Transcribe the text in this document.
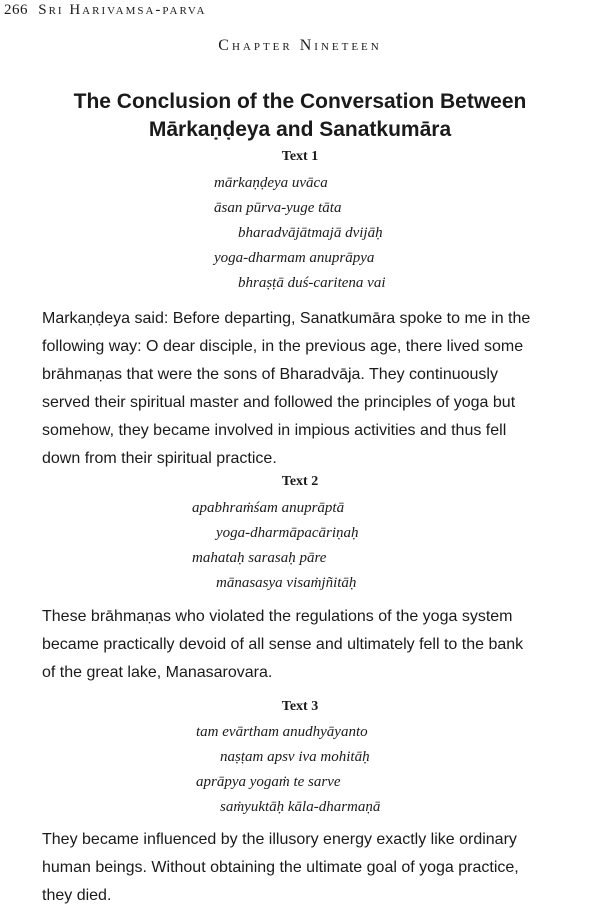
266 Sri Harivamsa-parva
Chapter Nineteen
The Conclusion of the Conversation Between
Mārkaṇḍeya and Sanatkumāra
Text 1
mārkaṇḍeya uvāca
āsan pūrva-yuge tāta
bharadvājātmajā dvijāḥ
yoga-dharmam anuprāpya
bhraṣṭā duś-caritena vai
Markaṇḍeya said: Before departing, Sanatkumāra spoke to me in the
following way: O dear disciple, in the previous age, there lived some
brāhmaṇas that were the sons of Bharadvāja. They continuously
served their spiritual master and followed the principles of yoga but
somehow, they became involved in impious activities and thus fell
down from their spiritual practice.
Text 2
apabhraṁśam anuprāptā
yoga-dharmāpacāriṇaḥ
mahataḥ sarasaḥ pāre
mānasasya visaṁjñitāḥ
These brāhmaṇas who violated the regulations of the yoga system
became practically devoid of all sense and ultimately fell to the bank
of the great lake, Manasarovara.
Text 3
tam evārtham anudhyāyanto
naṣṭam apsv iva mohitāḥ
aprāpya yogaṁ te sarve
saṁyuktāḥ kāla-dharmaṇā
They became influenced by the illusory energy exactly like ordinary
human beings. Without obtaining the ultimate goal of yoga practice,
they died.
